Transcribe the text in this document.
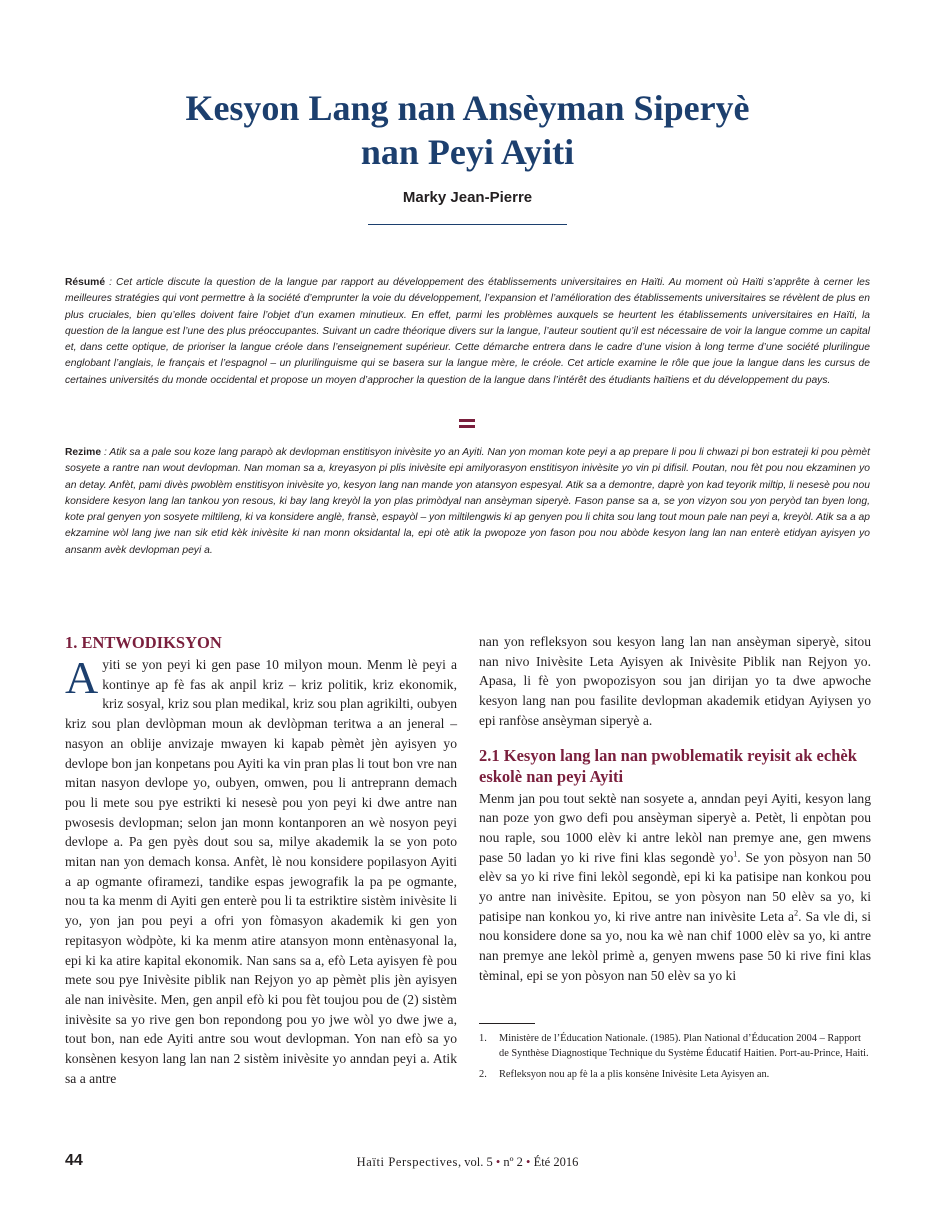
Kesyon Lang nan Ansèyman Siperyè
nan Peyi Ayiti
Marky Jean-Pierre
Résumé : Cet article discute la question de la langue par rapport au développement des établissements universitaires en Haïti. Au moment où Haïti s’apprête à cerner les meilleures stratégies qui vont permettre à la société d’emprunter la voie du développement, l’expansion et l’amélioration des établissements universitaires se révèlent de plus en plus cruciales, bien qu’elles doivent faire l’objet d’un examen minutieux. En effet, parmi les problèmes auxquels se heurtent les établissements universitaires en Haïti, la question de la langue est l’une des plus préoccupantes. Suivant un cadre théorique divers sur la langue, l’auteur soutient qu’il est nécessaire de voir la langue comme un capital et, dans cette optique, de prioriser la langue créole dans l’enseignement supérieur. Cette démarche entrera dans le cadre d’une vision à long terme d’une société plurilingue englobant l’anglais, le français et l’espagnol – un plurilinguisme qui se basera sur la langue mère, le créole. Cet article examine le rôle que joue la langue dans les cursus de certaines universités du monde occidental et propose un moyen d’approcher la question de la langue dans l’intérêt des étudiants haïtiens et du développement du pays.
Rezime : Atik sa a pale sou koze lang parapò ak devlopman enstitisyon inivèsite yo an Ayiti. Nan yon moman kote peyi a ap prepare li pou li chwazi pi bon estrateji ki pou pèmèt sosyete a rantre nan wout devlopman. Nan moman sa a, kreyasyon pi plis inivèsite epi amilyorasyon enstitisyon inivèsite yo vin pi difisil. Poutan, nou fèt pou nou ekzaminen yo an detay. Anfèt, pami divès pwoblèm enstitisyon inivèsite yo, kesyon lang nan mande yon atansyon espesyal. Atik sa a demontre, daprè yon kad teyorik miltip, li nesesè pou nou konsidere kesyon lang lan tankou yon resous, ki bay lang kreyòl la yon plas primòdyal nan ansèyman siperyè. Fason panse sa a, se yon vizyon sou yon peryòd tan byen long, kote pral genyen yon sosyete miltileng, ki va konsidere anglè, fransè, espayòl – yon miltilengwis ki ap genyen pou li chita sou lang tout moun pale nan peyi a, kreyòl. Atik sa a ap ekzamine wòl lang jwe nan sik etid kèk inivèsite ki nan monn oksidantal la, epi otè atik la pwopoze yon fason pou nou abòde kesyon lang lan nan enterè etidyan ayisyen yo ansanm avèk devlopman peyi a.
1. ENTWODIKSYON

Ayiti se yon peyi ki gen pase 10 milyon moun. Menm lè peyi a kontinye ap fè fas ak anpil kriz – kriz politik, kriz ekonomik, kriz sosyal, kriz sou plan medikal, kriz sou plan agrikilti, oubyen kriz sou plan devlòpman moun ak devlòpman teritwa a an jeneral – nasyon an oblije anvizaje mwayen ki kapab pèmèt jèn ayisyen yo devlope bon jan konpetans pou Ayiti ka vin pran plas li tout bon vre nan mitan nasyon devlope yo, oubyen, omwen, pou li antreprann demach pou li mete sou pye estrikti ki nesesè pou yon peyi ki dwe antre nan pwosesis devlopman; selon jan monn kontanporen an wè nosyon peyi devlope a. Pa gen pyès dout sou sa, milye akademik la se yon poto mitan nan yon demach konsa. Anfèt, lè nou konsidere popilasyon Ayiti a ap ogmante ofiramezi, tandike espas jewografik la pa pe ogmante, nou ta ka menm di Ayiti gen enterè pou li ta estriktire sistèm inivèsite li yo, yon jan pou peyi a ofri yon fòmasyon akademik ki gen yon repitasyon wòdpòte, ki ka menm atire atansyon monn entènasyonal la, epi ki ka atire kapital ekonomik. Nan sans sa a, efò Leta ayisyen fè pou mete sou pye Inivèsite piblik nan Rejyon yo ap pèmèt plis jèn ayisyen ale nan inivèsite. Men, gen anpil efò ki pou fèt toujou pou de (2) sistèm inivèsite sa yo rive gen bon repondong pou yo jwe wòl yo dwe jwe a, tout bon, nan ede Ayiti antre sou wout devlopman. Yon nan efò sa yo konsènen kesyon lang lan nan 2 sistèm inivèsite yo anndan peyi a. Atik sa a antre

nan yon refleksyon sou kesyon lang lan nan ansèyman siperyè, sitou nan nivo Inivèsite Leta Ayisyen ak Inivèsite Piblik nan Rejyon yo. Apasa, li fè yon pwopozisyon sou jan dirijan yo ta dwe apwoche kesyon lang nan pou fasilite devlopman akademik etidyan Ayiysen yo epi ranfòse ansèyman siperyè a.

2.1 Kesyon lang lan nan pwoblematik reyisit ak echèk eskolè nan peyi Ayiti

Menm jan pou tout sektè nan sosyete a, anndan peyi Ayiti, kesyon lang nan poze yon gwo defi pou ansèyman siperyè a. Petèt, li enpòtan pou nou raple, sou 1000 elèv ki antre lekòl nan premye ane, gen mwens pase 50 ladan yo ki rive fini klas segondè $yo^1$. Se yon pòsyon nan 50 elèv sa yo ki rive fini lekòl segondè, epi ki ka patisipe nan konkou pou yo antre nan inivèsite. Epitou, se yon pòsyon nan 50 elèv sa yo, ki patisipe nan konkou yo, ki rive antre nan inivèsite Leta $a^2$. Sa vle di, si nou konsidere done sa yo, nou ka wè nan chif 1000 elèv sa yo, ki antre nan premye ane lekòl primè a, genyen mwens pase 50 ki rive fini klas tèminal, epi se yon pòsyon nan 50 elèv sa yo ki

1.	Ministère de l’Éducation Nationale. (1985). Plan National d’Éducation 2004 – Rapport de Synthèse Diagnostique Technique du Système Éducatif Haitien. Port-au-Prince, Haiti.
2.	Refleksyon nou ap fè la a plis konsène Inivèsite Leta Ayisyen an.
44	Haïti Perspectives, vol. 5 • nº 2 • Été 2016
